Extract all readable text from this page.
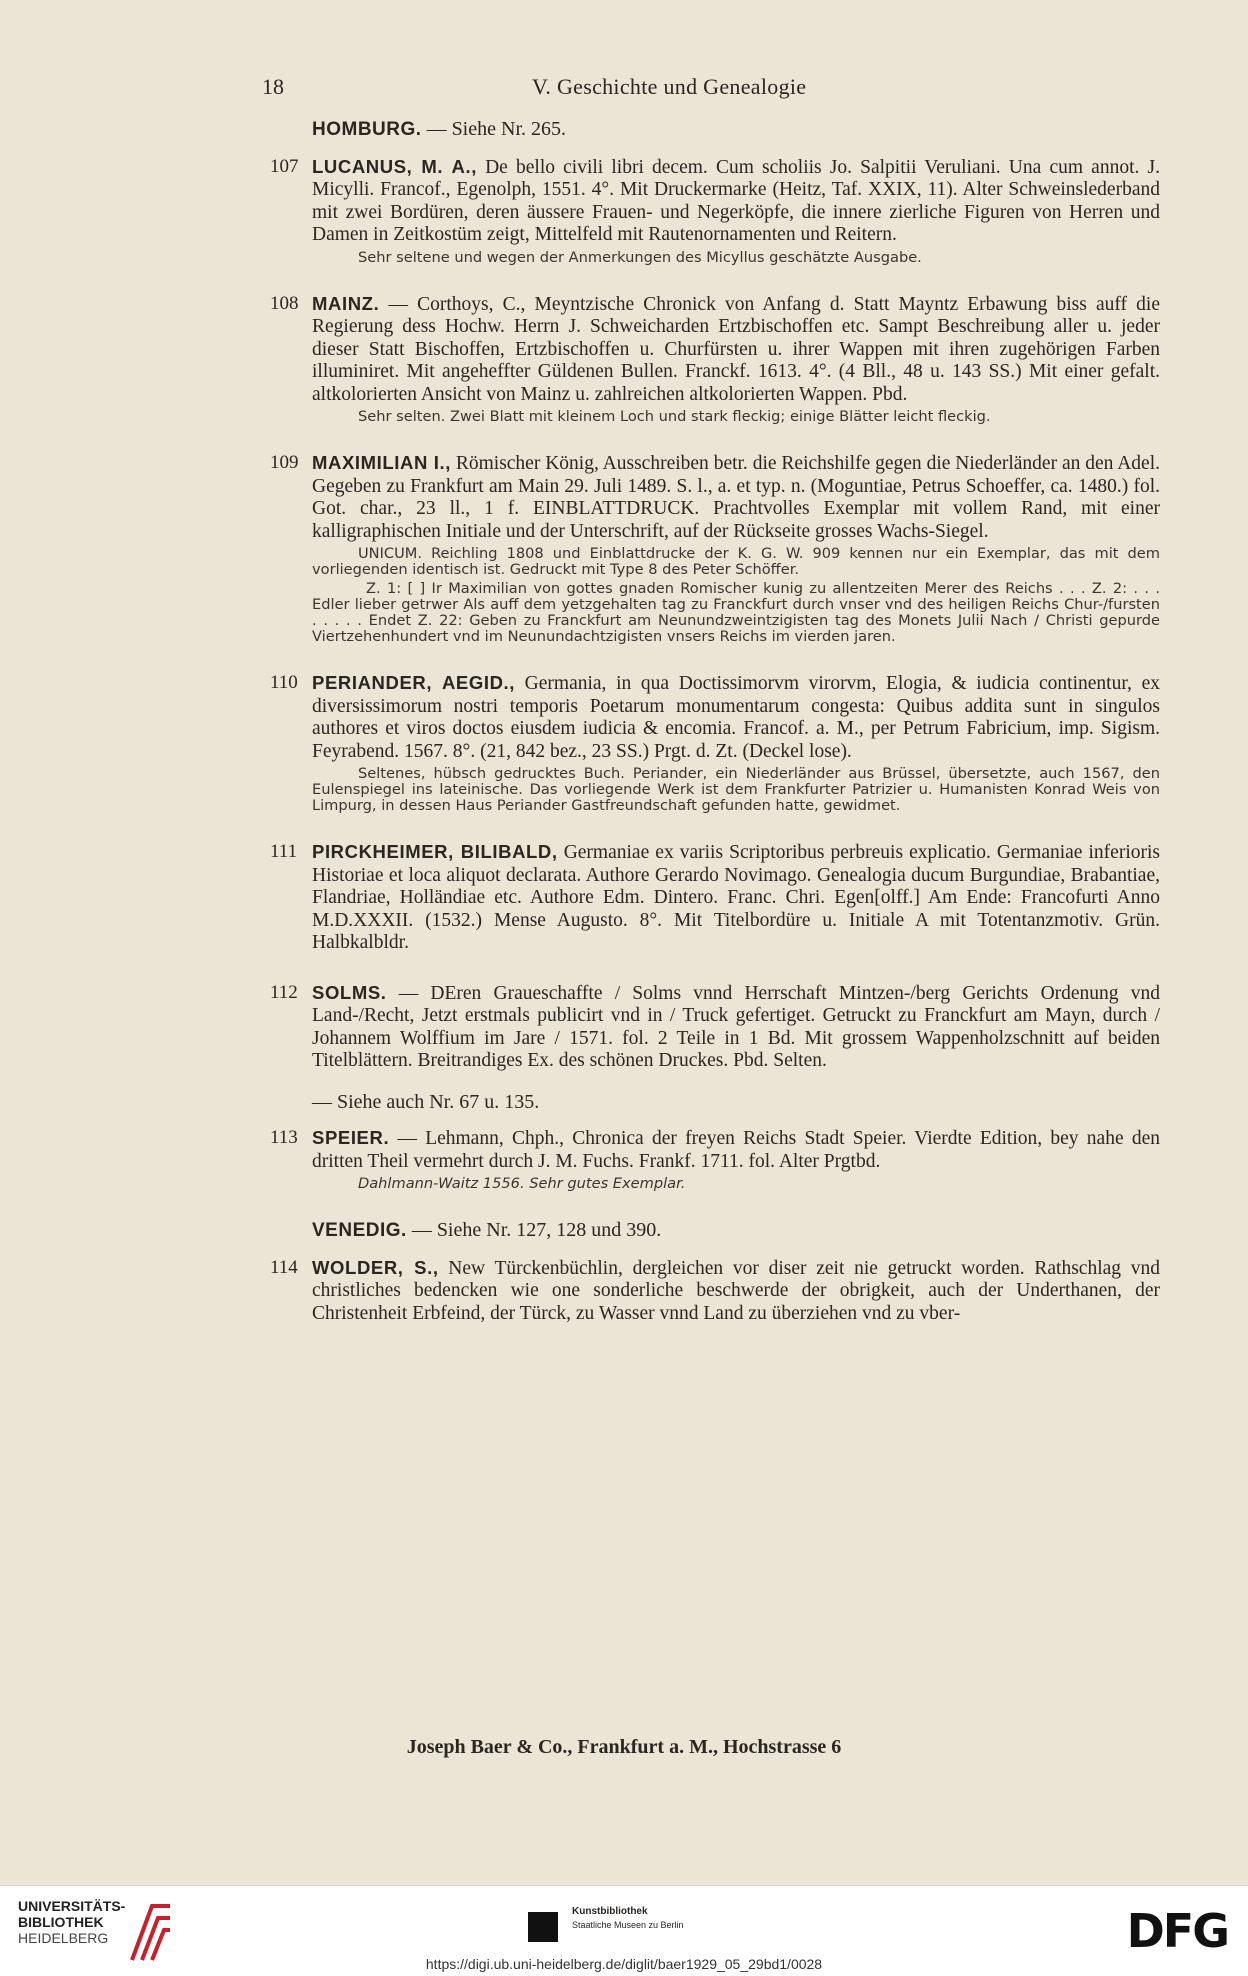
18	V. Geschichte und Genealogie
HOMBURG. — Siehe Nr. 265.
107 LUCANUS, M. A., De bello civili libri decem. Cum scholiis Jo. Salpitii Veruliani. Una cum annot. J. Micylli. Francof., Egenolph, 1551. 4°. Mit Druckermarke (Heitz, Taf. XXIX, 11). Alter Schweinslederband mit zwei Bordüren, deren äussere Frauen- und Negerköpfe, die innere zierliche Figuren von Herren und Damen in Zeitkostüm zeigt, Mittelfeld mit Rautenornamenten und Reitern.
Sehr seltene und wegen der Anmerkungen des Micyllus geschätzte Ausgabe.
108 MAINZ. — Corthoys, C., Meyntzische Chronick von Anfang d. Statt Mayntz Erbawung biss auff die Regierung dess Hochw. Herrn J. Schweicharden Ertzbischoffen etc. Sampt Beschreibung aller u. jeder dieser Statt Bischoffen, Ertzbischoffen u. Churfürsten u. ihrer Wappen mit ihren zugehörigen Farben illuminiret. Mit angeheffter Güldenen Bullen. Franckf. 1613. 4°. (4 Bll., 48 u. 143 SS.) Mit einer gefalt. altkolorierten Ansicht von Mainz u. zahlreichen altkolorierten Wappen. Pbd.
Sehr selten. Zwei Blatt mit kleinem Loch und stark fleckig; einige Blätter leicht fleckig.
109 MAXIMILIAN I., Römischer König, Ausschreiben betr. die Reichshilfe gegen die Niederländer an den Adel. Gegeben zu Frankfurt am Main 29. Juli 1489. S. l., a. et typ. n. (Moguntiae, Petrus Schoeffer, ca. 1480.) fol. Got. char., 23 ll., 1 f. EINBLATTDRUCK. Prachtvolles Exemplar mit vollem Rand, mit einer kalligraphischen Initiale und der Unterschrift, auf der Rückseite grosses Wachs-Siegel.
UNICUM. Reichling 1808 und Einblattdrucke der K. G. W. 909 kennen nur ein Exemplar, das mit dem vorliegenden identisch ist. Gedruckt mit Type 8 des Peter Schöffer.
Z. 1: [ ] Ir Maximilian von gottes gnaden Romischer kunig zu allentzeiten Merer des Reichs . . . Z. 2: . . . Edler lieber getrwer Als auff dem yetzgehalten tag zu Franckfurt durch vnser vnd des heiligen Reichs Chur-/fursten . . . . . Endet Z. 22: Geben zu Franckfurt am Neunundzweintzigisten tag des Monets Julii Nach / Christi gepurde Viertzehenhundert vnd im Neunundachtzigisten vnsers Reichs im vierden jaren.
110 PERIANDER, AEGID., Germania, in qua Doctissimorvm virorvm, Elogia, & iudicia continentur, ex diversissimorum nostri temporis Poetarum monumentarum congesta: Quibus addita sunt in singulos authores et viros doctos eiusdem iudicia & encomia. Francof. a. M., per Petrum Fabricium, imp. Sigism. Feyrabend. 1567. 8°. (21, 842 bez., 23 SS.) Prgt. d. Zt. (Deckel lose).
Seltenes, hübsch gedrucktes Buch. Periander, ein Niederländer aus Brüssel, übersetzte, auch 1567, den Eulenspiegel ins lateinische. Das vorliegende Werk ist dem Frankfurter Patrizier u. Humanisten Konrad Weis von Limpurg, in dessen Haus Periander Gastfreundschaft gefunden hatte, gewidmet.
111 PIRCKHEIMER, BILIBALD, Germaniae ex variis Scriptoribus perbreuis explicatio. Germaniae inferioris Historiae et loca aliquot declarata. Authore Gerardo Novimago. Genealogia ducum Burgundiae, Brabantiae, Flandriae, Holländiae etc. Authore Edm. Dintero. Franc. Chri. Egen[olff.] Am Ende: Francofurti Anno M.D.XXXII. (1532.) Mense Augusto. 8°. Mit Titelbordüre u. Initiale A mit Totentanzmotiv. Grün. Halbkalbldr.
112 SOLMS. — DEren Graueschaffte / Solms vnnd Herrschaft Mintzen-/berg Gerichts Ordenung vnd Land-/Recht, Jetzt erstmals publicirt vnd in / Truck gefertiget. Getruckt zu Franckfurt am Mayn, durch / Johannem Wolffium im Jare / 1571. fol. 2 Teile in 1 Bd. Mit grossem Wappenholzschnitt auf beiden Titelblättern. Breitrandiges Ex. des schönen Druckes. Pbd. Selten.
— Siehe auch Nr. 67 u. 135.
113 SPEIER. — Lehmann, Chph., Chronica der freyen Reichs Stadt Speier. Vierdte Edition, bey nahe den dritten Theil vermehrt durch J. M. Fuchs. Frankf. 1711. fol. Alter Prgtbd.
Dahlmann-Waitz 1556. Sehr gutes Exemplar.
VENEDIG. — Siehe Nr. 127, 128 und 390.
114 WOLDER, S., New Türckenbüchlin, dergleichen vor diser zeit nie getruckt worden. Rathschlag vnd christliches bedencken wie one sonderliche beschwerde der obrigkeit, auch der Underthanen, der Christenheit Erbfeind, der Türck, zu Wasser vnnd Land zu überziehen vnd zu vber-
Joseph Baer & Co., Frankfurt a. M., Hochstrasse 6
UNIVERSITÄTS-
BIBLIOTHEK
HEIDELBERG
Kunstbibliothek
Staatliche Museen zu Berlin	DFG
https://digi.ub.uni-heidelberg.de/diglit/baer1929_05_29bd1/0028
